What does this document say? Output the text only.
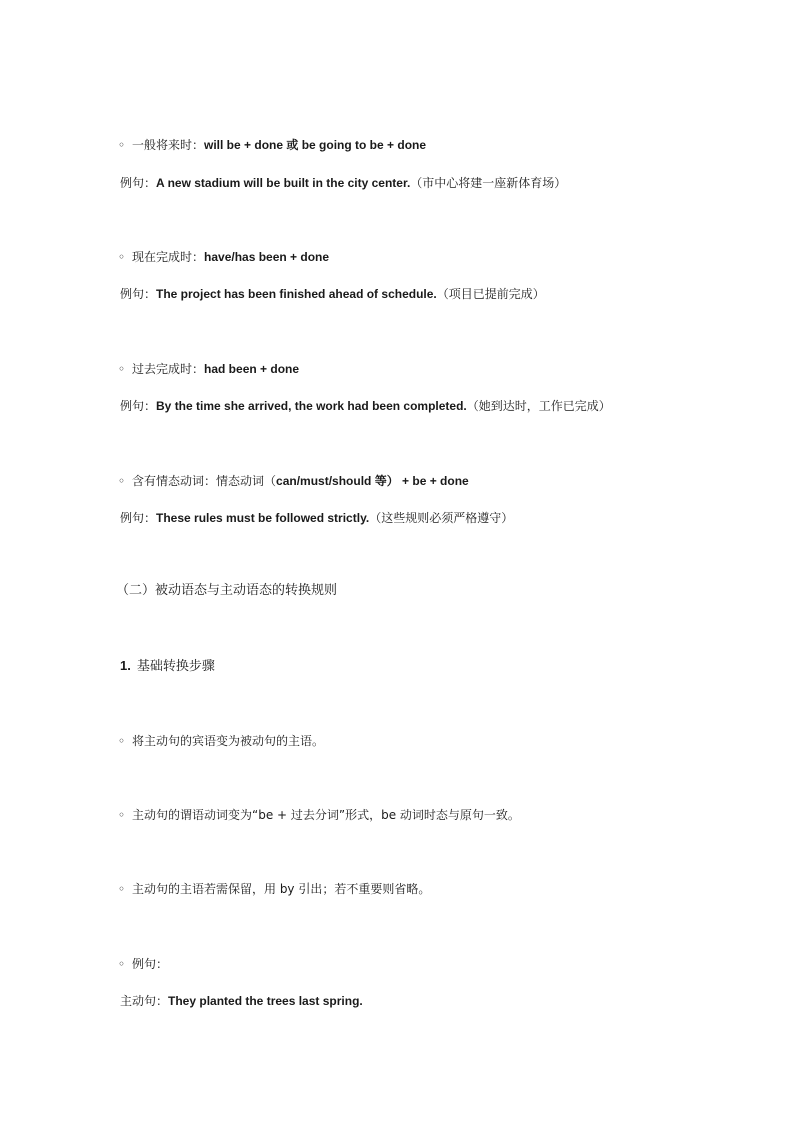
◦ 一般将来时：will be + done 或 be going to be + done
例句：A new stadium will be built in the city center.（市中心将建一座新体育场）
◦ 现在完成时：have/has been + done
例句：The project has been finished ahead of schedule.（项目已提前完成）
◦ 过去完成时：had been + done
例句：By the time she arrived, the work had been completed.（她到达时，工作已完成）
◦ 含有情态动词：情态动词（can/must/should 等） + be + done
例句：These rules must be followed strictly.（这些规则必须严格遵守）
（二）被动语态与主动语态的转换规则
1. 基础转换步骤
◦ 将主动句的宾语变为被动句的主语。
◦ 主动句的谓语动词变为“be + 过去分词”形式，be 动词时态与原句一致。
◦ 主动句的主语若需保留，用 by 引出；若不重要则省略。
◦ 例句：
主动句：They planted the trees last spring.
